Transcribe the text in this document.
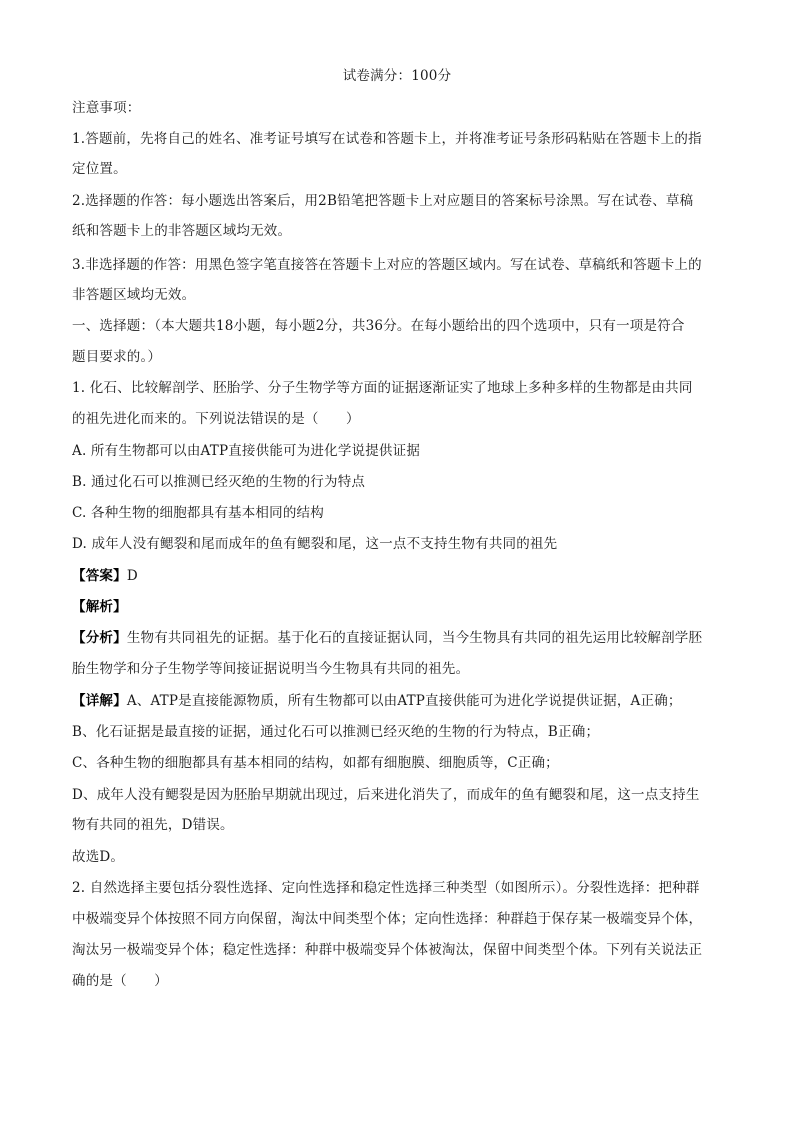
试卷满分：100分
注意事项：
1.答题前，先将自己的姓名、准考证号填写在试卷和答题卡上，并将准考证号条形码粘贴在答题卡上的指
定位置。
2.选择题的作答：每小题选出答案后，用2B铅笔把答题卡上对应题目的答案标号涂黑。写在试卷、草稿
纸和答题卡上的非答题区域均无效。
3.非选择题的作答：用黑色签字笔直接答在答题卡上对应的答题区域内。写在试卷、草稿纸和答题卡上的
非答题区域均无效。
一、选择题：（本大题共18小题，每小题2分，共36分。在每小题给出的四个选项中，只有一项是符合
题目要求的。）
1. 化石、比较解剖学、胚胎学、分子生物学等方面的证据逐渐证实了地球上多种多样的生物都是由共同
的祖先进化而来的。下列说法错误的是（　　）
A. 所有生物都可以由ATP直接供能可为进化学说提供证据
B. 通过化石可以推测已经灭绝的生物的行为特点
C. 各种生物的细胞都具有基本相同的结构
D. 成年人没有鳃裂和尾而成年的鱼有鳃裂和尾，这一点不支持生物有共同的祖先
【答案】D
【解析】
【分析】生物有共同祖先的证据。基于化石的直接证据认同，当今生物具有共同的祖先运用比较解剖学胚
胎生物学和分子生物学等间接证据说明当今生物具有共同的祖先。
【详解】A、ATP是直接能源物质，所有生物都可以由ATP直接供能可为进化学说提供证据，A正确；
B、化石证据是最直接的证据，通过化石可以推测已经灭绝的生物的行为特点，B正确；
C、各种生物的细胞都具有基本相同的结构，如都有细胞膜、细胞质等，C正确；
D、成年人没有鳃裂是因为胚胎早期就出现过，后来进化消失了，而成年的鱼有鳃裂和尾，这一点支持生
物有共同的祖先，D错误。
故选D。
2. 自然选择主要包括分裂性选择、定向性选择和稳定性选择三种类型（如图所示）。分裂性选择：把种群
中极端变异个体按照不同方向保留，淘汰中间类型个体；定向性选择：种群趋于保存某一极端变异个体，
淘汰另一极端变异个体；稳定性选择：种群中极端变异个体被淘汰，保留中间类型个体。下列有关说法正
确的是（　　）
